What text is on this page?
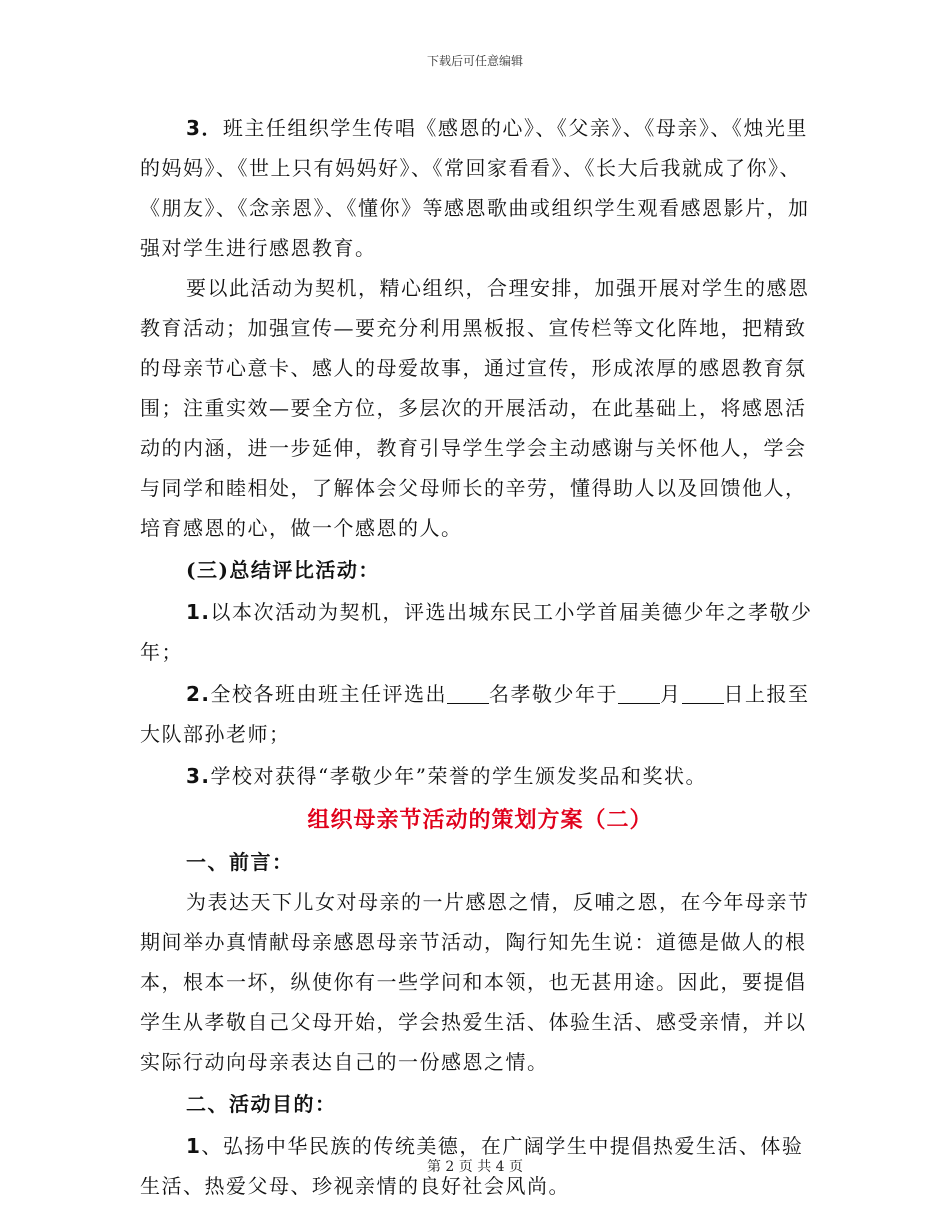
下载后可任意编辑

3．班主任组织学生传唱《感恩的心》、《父亲》、《母亲》、《烛光里的妈妈》、《世上只有妈妈好》、《常回家看看》、《长大后我就成了你》、《朋友》、《念亲恩》、《懂你》等感恩歌曲或组织学生观看感恩影片，加强对学生进行感恩教育。

要以此活动为契机，精心组织，合理安排，加强开展对学生的感恩教育活动；加强宣传—要充分利用黑板报、宣传栏等文化阵地，把精致的母亲节心意卡、感人的母爱故事，通过宣传，形成浓厚的感恩教育氛围；注重实效—要全方位，多层次的开展活动，在此基础上，将感恩活动的内涵，进一步延伸，教育引导学生学会主动感谢与关怀他人，学会与同学和睦相处，了解体会父母师长的辛劳，懂得助人以及回馈他人，培育感恩的心，做一个感恩的人。

(三)总结评比活动：

1.以本次活动为契机，评选出城东民工小学首届美德少年之孝敬少年；

2.全校各班由班主任评选出 名孝敬少年于 月 日上报至大队部孙老师；

3.学校对获得“孝敬少年”荣誉的学生颁发奖品和奖状。

组织母亲节活动的策划方案（二）

一、前言：

为表达天下儿女对母亲的一片感恩之情，反哺之恩，在今年母亲节期间举办真情献母亲感恩母亲节活动，陶行知先生说：道德是做人的根本，根本一坏，纵使你有一些学问和本领，也无甚用途。因此，要提倡学生从孝敬自己父母开始，学会热爱生活、体验生活、感受亲情，并以实际行动向母亲表达自己的一份感恩之情。

二、活动目的：

1、弘扬中华民族的传统美德，在广阔学生中提倡热爱生活、体验生活、热爱父母、珍视亲情的良好社会风尚。

第 2 页 共 4 页
